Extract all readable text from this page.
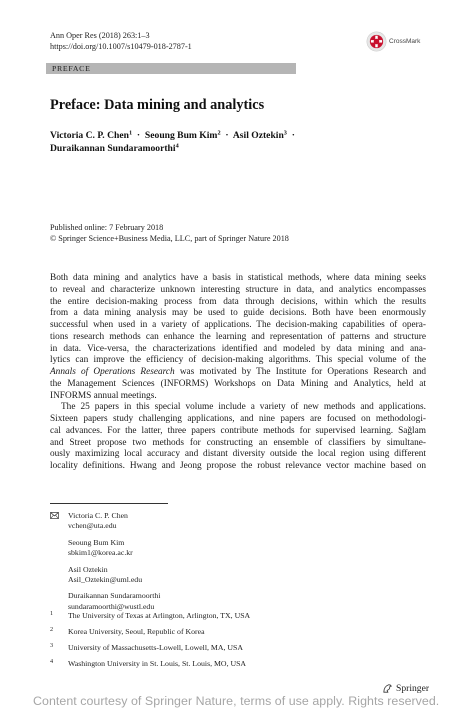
Ann Oper Res (2018) 263:1–3
https://doi.org/10.1007/s10479-018-2787-1
CrossMark
PREFACE
Preface: Data mining and analytics
Victoria C. P. Chen$^1$ · Seoung Bum Kim$^2$ · Asil Oztekin$^3$ ·
Duraikannan Sundaramoorthi$^4$
Published online: 7 February 2018
© Springer Science+Business Media, LLC, part of Springer Nature 2018
Both data mining and analytics have a basis in statistical methods, where data mining seeks
to reveal and characterize unknown interesting structure in data, and analytics encompasses
the entire decision-making process from data through decisions, within which the results
from a data mining analysis may be used to guide decisions. Both have been enormously
successful when used in a variety of applications. The decision-making capabilities of opera-
tions research methods can enhance the learning and representation of patterns and structure
in data. Vice-versa, the characterizations identified and modeled by data mining and ana-
lytics can improve the efficiency of decision-making algorithms. This special volume of the
Annals of Operations Research was motivated by The Institute for Operations Research and
the Management Sciences (INFORMS) Workshops on Data Mining and Analytics, held at
INFORMS annual meetings.
The 25 papers in this special volume include a variety of new methods and applications.
Sixteen papers study challenging applications, and nine papers are focused on methodologi-
cal advances. For the latter, three papers contribute methods for supervised learning. Sağlam
and Street propose two methods for constructing an ensemble of classifiers by simultane-
ously maximizing local accuracy and distant diversity outside the local region using different
locality definitions. Hwang and Jeong propose the robust relevance vector machine based on
Victoria C. P. Chen
vchen@uta.edu
Seoung Bum Kim
sbkim1@korea.ac.kr
Asil Oztekin
Asil_Oztekin@uml.edu
Duraikannan Sundaramoorthi
sundaramoorthi@wustl.edu
1 The University of Texas at Arlington, Arlington, TX, USA
2 Korea University, Seoul, Republic of Korea
3 University of Massachusetts-Lowell, Lowell, MA, USA
4 Washington University in St. Louis, St. Louis, MO, USA
Springer
Content courtesy of Springer Nature, terms of use apply. Rights reserved.
